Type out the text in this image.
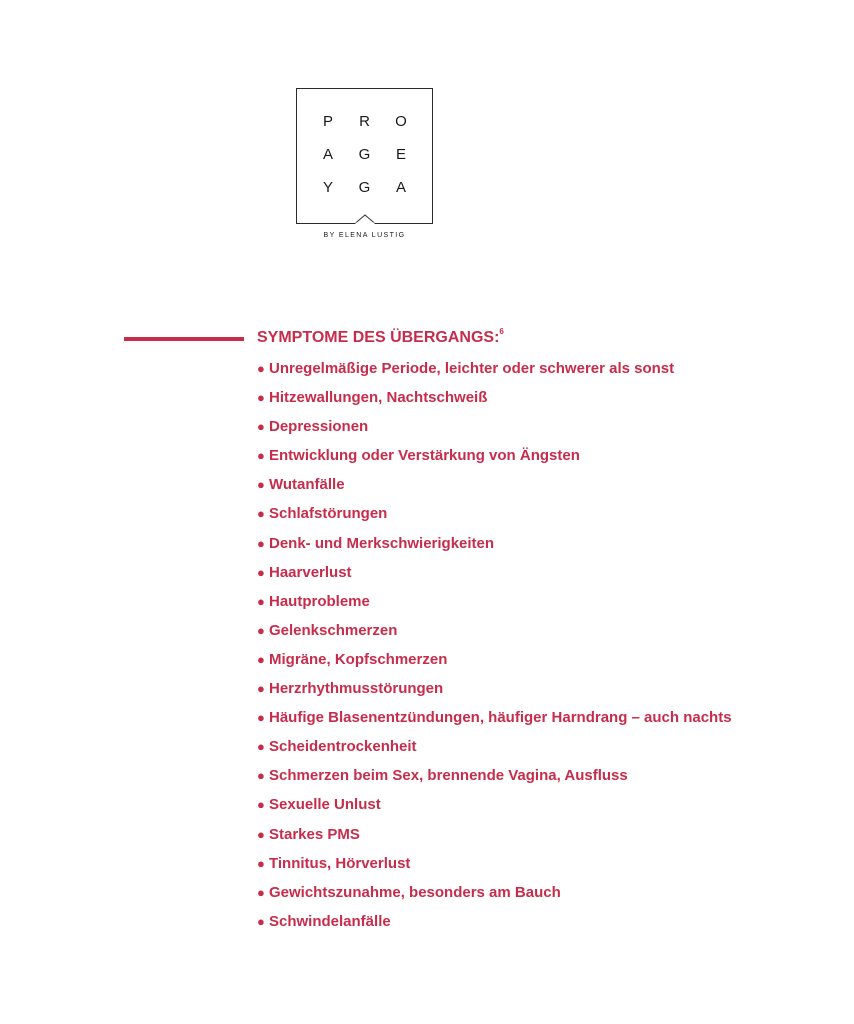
P R O
A G E
Y G A
BY ELENA LUSTIG
SYMPTOME DES ÜBERGANGS:$^6$
● Unregelmäßige Periode, leichter oder schwerer als sonst
● Hitzewallungen, Nachtschweiß
● Depressionen
● Entwicklung oder Verstärkung von Ängsten
● Wutanfälle
● Schlafstörungen
● Denk- und Merkschwierigkeiten
● Haarverlust
● Hautprobleme
● Gelenkschmerzen
● Migräne, Kopfschmerzen
● Herzrhythmusstörungen
● Häufige Blasenentzündungen, häufiger Harndrang – auch nachts
● Scheidentrockenheit
● Schmerzen beim Sex, brennende Vagina, Ausfluss
● Sexuelle Unlust
● Starkes PMS
● Tinnitus, Hörverlust
● Gewichtszunahme, besonders am Bauch
● Schwindelanfälle
